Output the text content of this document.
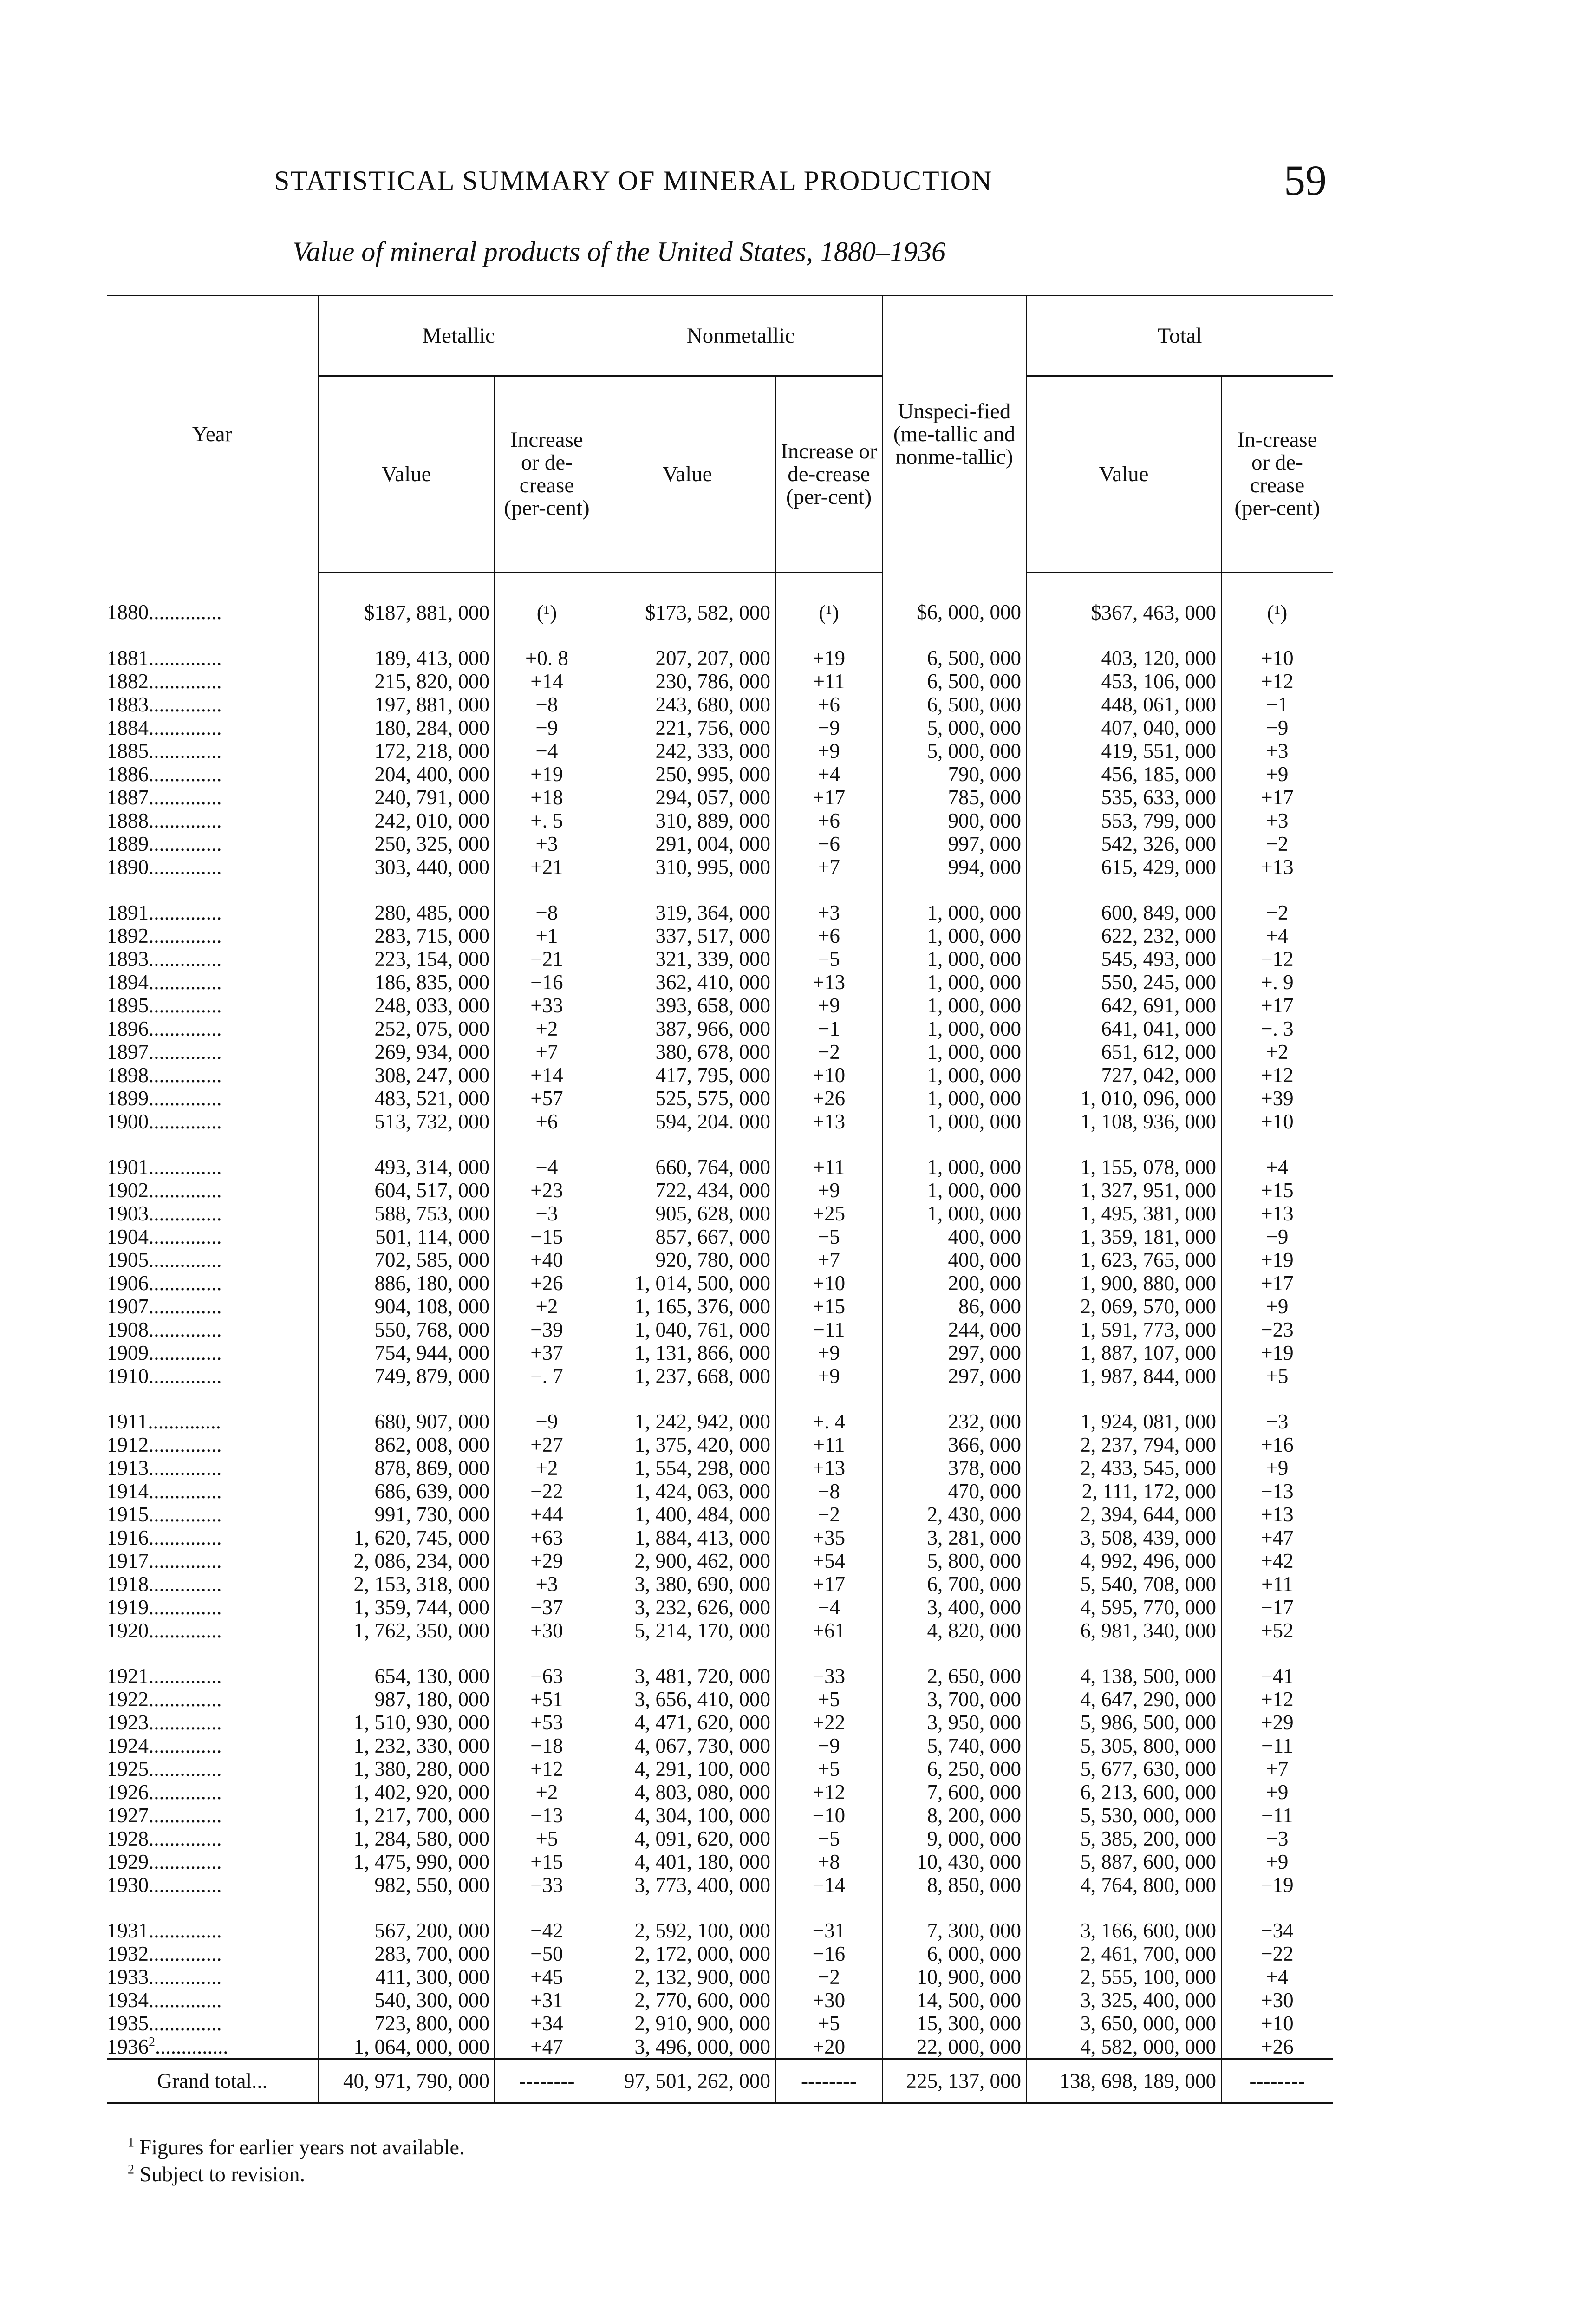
STATISTICAL SUMMARY OF MINERAL PRODUCTION	59
Value of mineral products of the United States, 1880–1936
Year	Metallic		Nonmetallic		Unspeci-fied (me-tallic and nonme-tallic)	Total	
	Value	Increase or de-crease (per-cent)	Value	Increase or de-crease (per-cent)		Value	In-crease or de-crease (per-cent)
1880..............	$187, 881, 000	(¹)	$173, 582, 000	(¹)	$6, 000, 000	$367, 463, 000	(¹)
1881..............	189, 413, 000	+0. 8	207, 207, 000	+19	6, 500, 000	403, 120, 000	+10
1882..............	215, 820, 000	+14	230, 786, 000	+11	6, 500, 000	453, 106, 000	+12
1883..............	197, 881, 000	−8	243, 680, 000	+6	6, 500, 000	448, 061, 000	−1
1884..............	180, 284, 000	−9	221, 756, 000	−9	5, 000, 000	407, 040, 000	−9
1885..............	172, 218, 000	−4	242, 333, 000	+9	5, 000, 000	419, 551, 000	+3
1886..............	204, 400, 000	+19	250, 995, 000	+4	790, 000	456, 185, 000	+9
1887..............	240, 791, 000	+18	294, 057, 000	+17	785, 000	535, 633, 000	+17
1888..............	242, 010, 000	+. 5	310, 889, 000	+6	900, 000	553, 799, 000	+3
1889..............	250, 325, 000	+3	291, 004, 000	−6	997, 000	542, 326, 000	−2
1890..............	303, 440, 000	+21	310, 995, 000	+7	994, 000	615, 429, 000	+13
1891..............	280, 485, 000	−8	319, 364, 000	+3	1, 000, 000	600, 849, 000	−2
1892..............	283, 715, 000	+1	337, 517, 000	+6	1, 000, 000	622, 232, 000	+4
1893..............	223, 154, 000	−21	321, 339, 000	−5	1, 000, 000	545, 493, 000	−12
1894..............	186, 835, 000	−16	362, 410, 000	+13	1, 000, 000	550, 245, 000	+. 9
1895..............	248, 033, 000	+33	393, 658, 000	+9	1, 000, 000	642, 691, 000	+17
1896..............	252, 075, 000	+2	387, 966, 000	−1	1, 000, 000	641, 041, 000	−. 3
1897..............	269, 934, 000	+7	380, 678, 000	−2	1, 000, 000	651, 612, 000	+2
1898..............	308, 247, 000	+14	417, 795, 000	+10	1, 000, 000	727, 042, 000	+12
1899..............	483, 521, 000	+57	525, 575, 000	+26	1, 000, 000	1, 010, 096, 000	+39
1900..............	513, 732, 000	+6	594, 204. 000	+13	1, 000, 000	1, 108, 936, 000	+10
1901..............	493, 314, 000	−4	660, 764, 000	+11	1, 000, 000	1, 155, 078, 000	+4
1902..............	604, 517, 000	+23	722, 434, 000	+9	1, 000, 000	1, 327, 951, 000	+15
1903..............	588, 753, 000	−3	905, 628, 000	+25	1, 000, 000	1, 495, 381, 000	+13
1904..............	501, 114, 000	−15	857, 667, 000	−5	400, 000	1, 359, 181, 000	−9
1905..............	702, 585, 000	+40	920, 780, 000	+7	400, 000	1, 623, 765, 000	+19
1906..............	886, 180, 000	+26	1, 014, 500, 000	+10	200, 000	1, 900, 880, 000	+17
1907..............	904, 108, 000	+2	1, 165, 376, 000	+15	86, 000	2, 069, 570, 000	+9
1908..............	550, 768, 000	−39	1, 040, 761, 000	−11	244, 000	1, 591, 773, 000	−23
1909..............	754, 944, 000	+37	1, 131, 866, 000	+9	297, 000	1, 887, 107, 000	+19
1910..............	749, 879, 000	−. 7	1, 237, 668, 000	+9	297, 000	1, 987, 844, 000	+5
1911..............	680, 907, 000	−9	1, 242, 942, 000	+. 4	232, 000	1, 924, 081, 000	−3
1912..............	862, 008, 000	+27	1, 375, 420, 000	+11	366, 000	2, 237, 794, 000	+16
1913..............	878, 869, 000	+2	1, 554, 298, 000	+13	378, 000	2, 433, 545, 000	+9
1914..............	686, 639, 000	−22	1, 424, 063, 000	−8	470, 000	2, 111, 172, 000	−13
1915..............	991, 730, 000	+44	1, 400, 484, 000	−2	2, 430, 000	2, 394, 644, 000	+13
1916..............	1, 620, 745, 000	+63	1, 884, 413, 000	+35	3, 281, 000	3, 508, 439, 000	+47
1917..............	2, 086, 234, 000	+29	2, 900, 462, 000	+54	5, 800, 000	4, 992, 496, 000	+42
1918..............	2, 153, 318, 000	+3	3, 380, 690, 000	+17	6, 700, 000	5, 540, 708, 000	+11
1919..............	1, 359, 744, 000	−37	3, 232, 626, 000	−4	3, 400, 000	4, 595, 770, 000	−17
1920..............	1, 762, 350, 000	+30	5, 214, 170, 000	+61	4, 820, 000	6, 981, 340, 000	+52
1921..............	654, 130, 000	−63	3, 481, 720, 000	−33	2, 650, 000	4, 138, 500, 000	−41
1922..............	987, 180, 000	+51	3, 656, 410, 000	+5	3, 700, 000	4, 647, 290, 000	+12
1923..............	1, 510, 930, 000	+53	4, 471, 620, 000	+22	3, 950, 000	5, 986, 500, 000	+29
1924..............	1, 232, 330, 000	−18	4, 067, 730, 000	−9	5, 740, 000	5, 305, 800, 000	−11
1925..............	1, 380, 280, 000	+12	4, 291, 100, 000	+5	6, 250, 000	5, 677, 630, 000	+7
1926..............	1, 402, 920, 000	+2	4, 803, 080, 000	+12	7, 600, 000	6, 213, 600, 000	+9
1927..............	1, 217, 700, 000	−13	4, 304, 100, 000	−10	8, 200, 000	5, 530, 000, 000	−11
1928..............	1, 284, 580, 000	+5	4, 091, 620, 000	−5	9, 000, 000	5, 385, 200, 000	−3
1929..............	1, 475, 990, 000	+15	4, 401, 180, 000	+8	10, 430, 000	5, 887, 600, 000	+9
1930..............	982, 550, 000	−33	3, 773, 400, 000	−14	8, 850, 000	4, 764, 800, 000	−19
1931..............	567, 200, 000	−42	2, 592, 100, 000	−31	7, 300, 000	3, 166, 600, 000	−34
1932..............	283, 700, 000	−50	2, 172, 000, 000	−16	6, 000, 000	2, 461, 700, 000	−22
1933..............	411, 300, 000	+45	2, 132, 900, 000	−2	10, 900, 000	2, 555, 100, 000	+4
1934..............	540, 300, 000	+31	2, 770, 600, 000	+30	14, 500, 000	3, 325, 400, 000	+30
1935..............	723, 800, 000	+34	2, 910, 900, 000	+5	15, 300, 000	3, 650, 000, 000	+10
1936$^2$..............	1, 064, 000, 000	+47	3, 496, 000, 000	+20	22, 000, 000	4, 582, 000, 000	+26
Grand total...	40, 971, 790, 000	--------	97, 501, 262, 000	--------	225, 137, 000	138, 698, 189, 000	--------
$^1$ Figures for earlier years not available.
$^2$ Subject to revision.
